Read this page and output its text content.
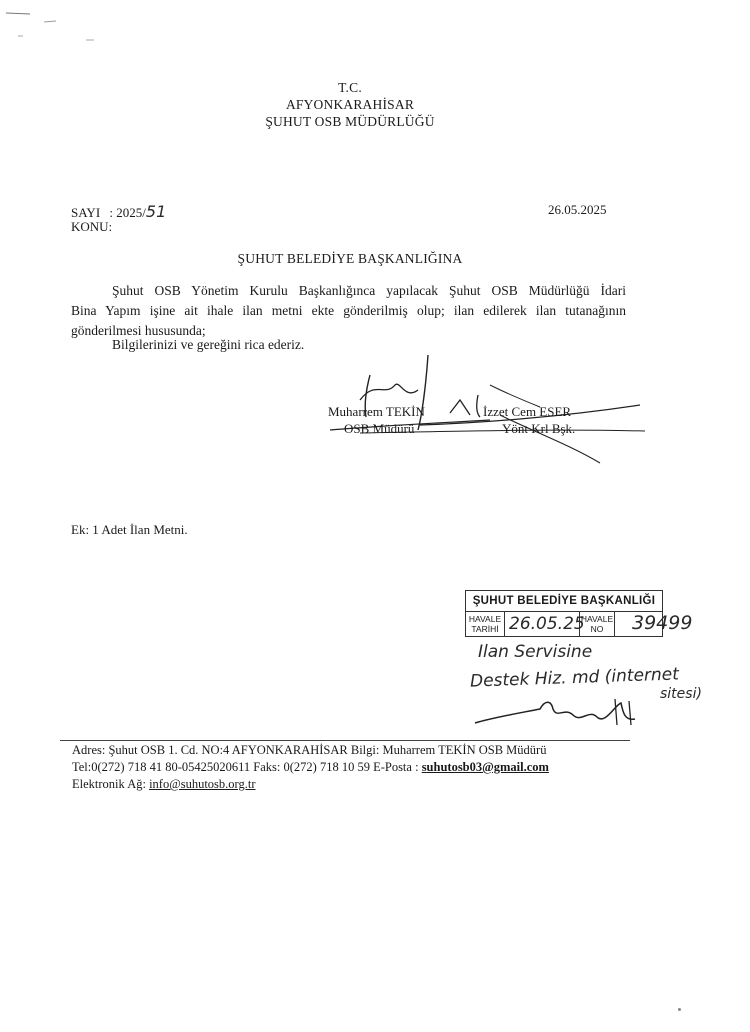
T.C.
AFYONKARAHİSAR
ŞUHUT OSB MÜDÜRLÜĞÜ
SAYI : 2025/51	26.05.2025
KONU:
ŞUHUT BELEDİYE BAŞKANLIĞINA
Şuhut OSB Yönetim Kurulu Başkanlığınca yapılacak Şuhut OSB Müdürlüğü İdari
Bina Yapım işine ait ihale ilan metni ekte gönderilmiş olup; ilan edilerek ilan tutanağının
gönderilmesi hususunda;
Bilgilerinizi ve gereğini rica ederiz.
Muharrem TEKİN
OSB Müdürü
İzzet Cem ESER
Yönt Krl Bşk.
Ek: 1 Adet İlan Metni.
ŞUHUT BELEDİYE BAŞKANLIĞI
HAVALE
TARİHİ 26.05.25
HAVALE
NO	39499
Ilan Servisine
Destek Hiz. md (internet
sitesi)
Adres: Şuhut OSB 1. Cd. NO:4 AFYONKARAHİSAR Bilgi: Muharrem TEKİN OSB Müdürü
Tel:0(272) 718 41 80-05425020611 Faks: 0(272) 718 10 59 E-Posta : suhutosb03@gmail.com
Elektronik Ağ: info@suhutosb.org.tr
